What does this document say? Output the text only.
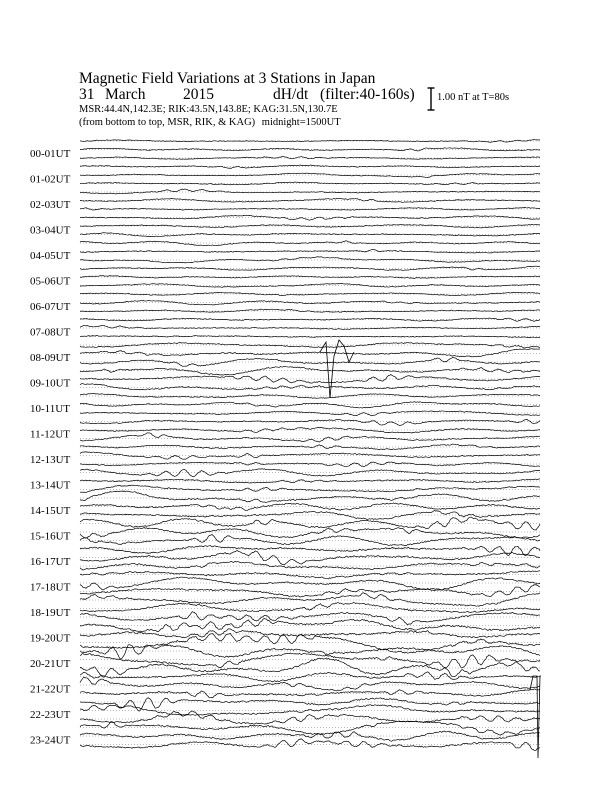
Magnetic Field Variations at 3 Stations in Japan
31 March 2015	dH/dt (filter:40-160s)
MSR:44.4N,142.3E; RIK:43.5N,143.8E; KAG:31.5N,130.7E
(from bottom to top, MSR, RIK, & KAG) midnight=1500UT
1.00 nT at T=80s
00-01UT
01-02UT
02-03UT
03-04UT
04-05UT
05-06UT
06-07UT
07-08UT
08-09UT
09-10UT
10-11UT
11-12UT
12-13UT
13-14UT
14-15UT
15-16UT
16-17UT
17-18UT
18-19UT
19-20UT
20-21UT
21-22UT
22-23UT
23-24UT
